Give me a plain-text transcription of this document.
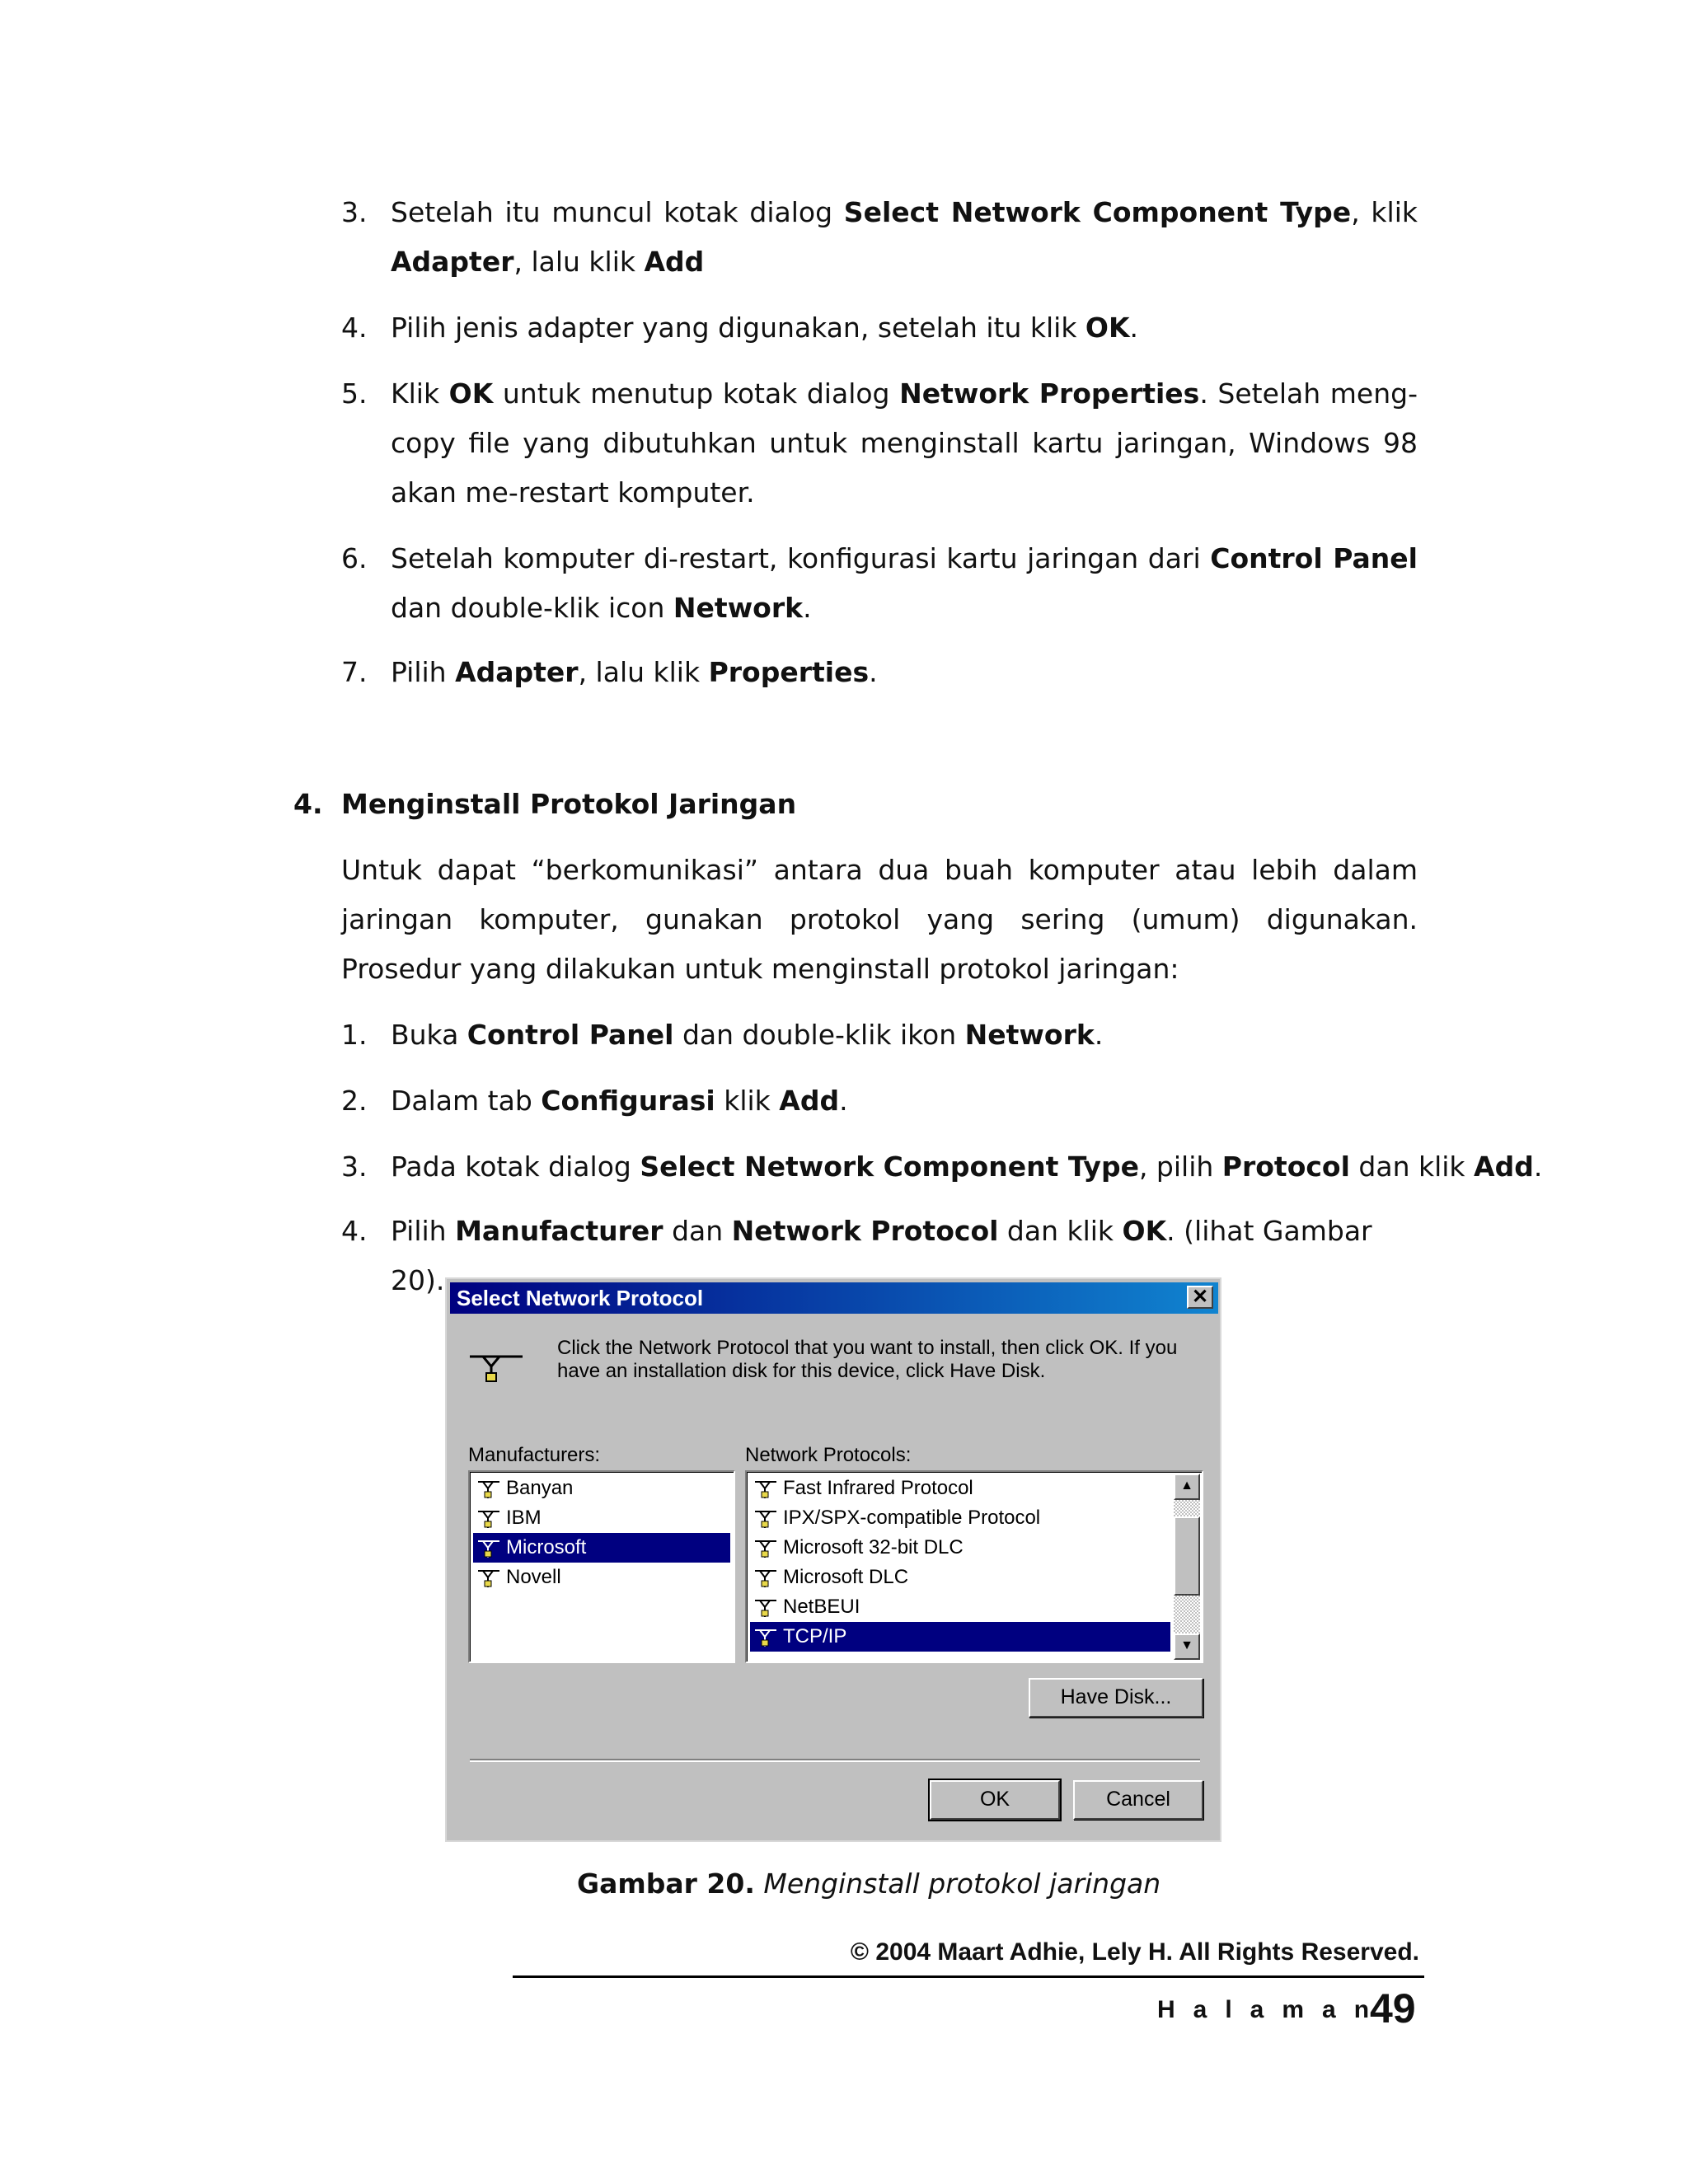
3. Setelah itu muncul kotak dialog Select Network Component Type, klik Adapter, lalu klik Add
4. Pilih jenis adapter yang digunakan, setelah itu klik OK.
5. Klik OK untuk menutup kotak dialog Network Properties. Setelah meng-copy file yang dibutuhkan untuk menginstall kartu jaringan, Windows 98 akan me-restart komputer.
6. Setelah komputer di-restart, konfigurasi kartu jaringan dari Control Panel dan double-klik icon Network.
7. Pilih Adapter, lalu klik Properties.
4. Menginstall Protokol Jaringan
Untuk dapat “berkomunikasi” antara dua buah komputer atau lebih dalam jaringan komputer, gunakan protokol yang sering (umum) digunakan. Prosedur yang dilakukan untuk menginstall protokol jaringan:
1. Buka Control Panel dan double-klik ikon Network.
2. Dalam tab Configurasi klik Add.
3. Pada kotak dialog Select Network Component Type, pilih Protocol dan klik Add.
4. Pilih Manufacturer dan Network Protocol dan klik OK. (lihat Gambar 20).
Select Network Protocol	✕
Click the Network Protocol that you want to install, then click OK. If you have an installation disk for this device, click Have Disk.
Manufacturers:
Banyan
IBM
Microsoft
Novell
Network Protocols:
Fast Infrared Protocol
IPX/SPX-compatible Protocol
Microsoft 32-bit DLC
Microsoft DLC
NetBEUI
TCP/IP
▲
▼
Have Disk...
OK	Cancel
Gambar 20. Menginstall protokol jaringan
© 2004 Maart Adhie, Lely H. All Rights Reserved.
Halaman
49
